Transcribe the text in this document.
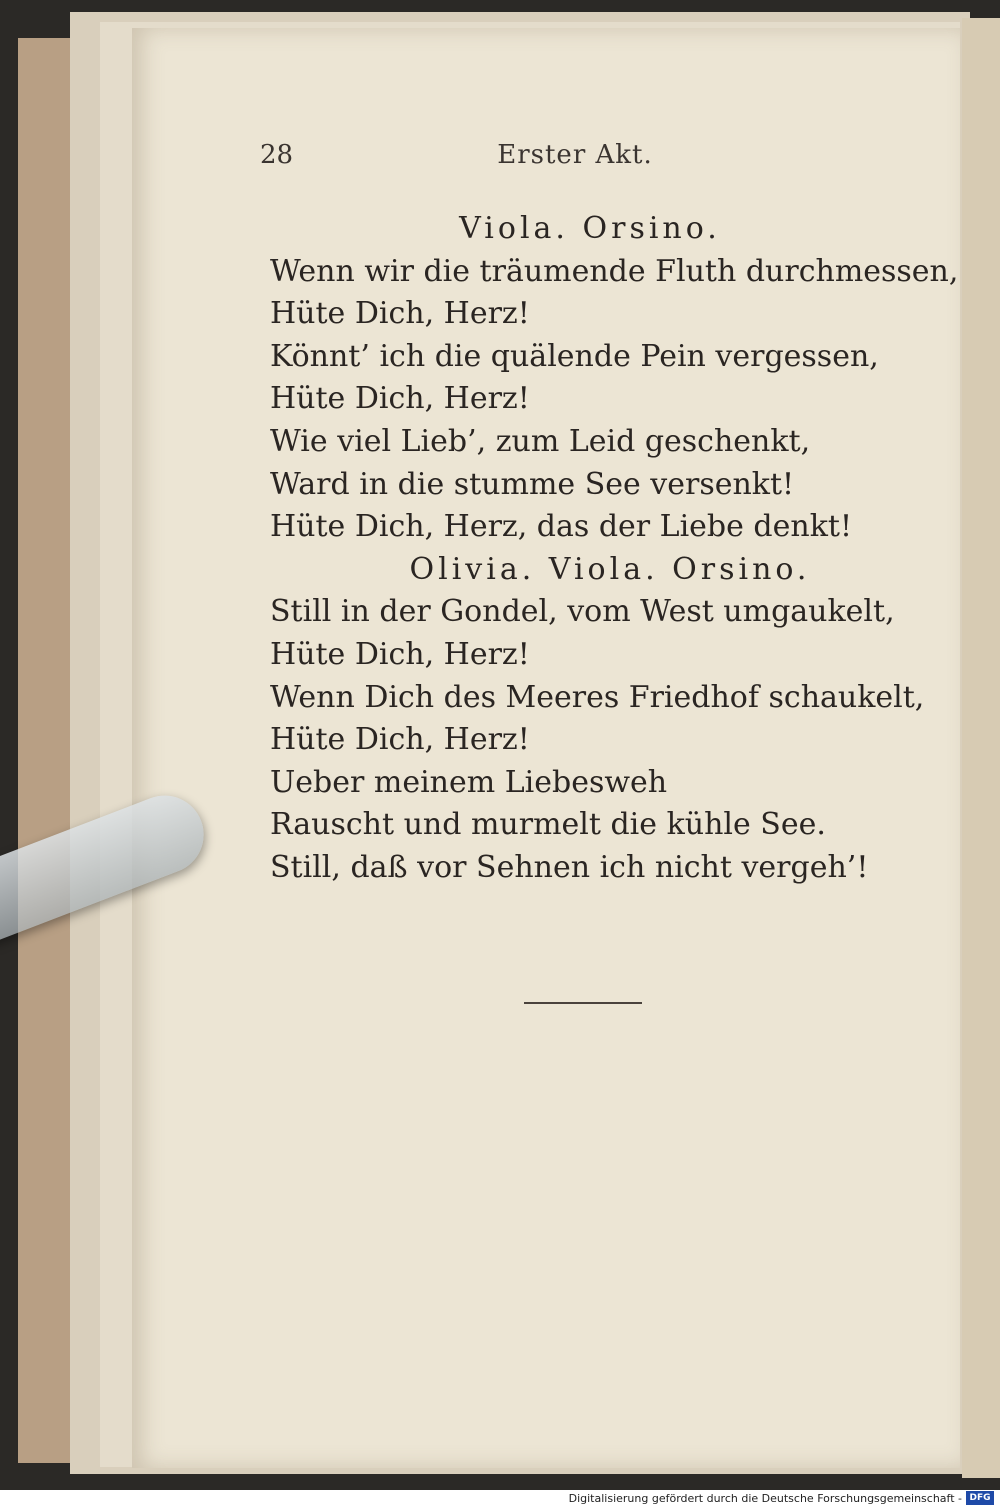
28	Erster Akt.
Viola. Orsino.
Wenn wir die träumende Fluth durchmessen,
Hüte Dich, Herz!
Könnt’ ich die quälende Pein vergessen,
Hüte Dich, Herz!
Wie viel Lieb’, zum Leid geschenkt,
Ward in die stumme See versenkt!
Hüte Dich, Herz, das der Liebe denkt!
Olivia. Viola. Orsino.
Still in der Gondel, vom West umgaukelt,
Hüte Dich, Herz!
Wenn Dich des Meeres Friedhof schaukelt,
Hüte Dich, Herz!
Ueber meinem Liebesweh
Rauscht und murmelt die kühle See.
Still, daß vor Sehnen ich nicht vergeh’!
Digitalisierung gefördert durch die Deutsche Forschungsgemeinschaft - DFG
